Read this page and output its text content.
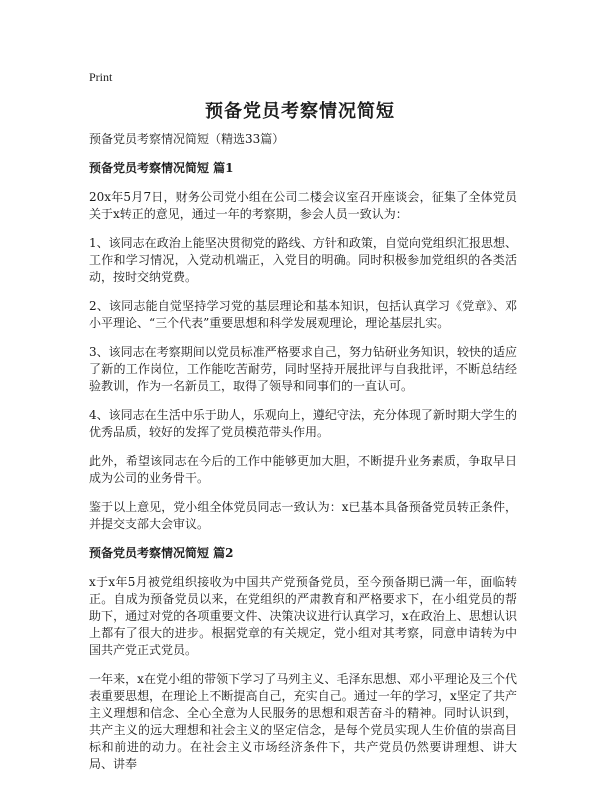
Print
预备党员考察情况简短

预备党员考察情况简短（精选33篇）

预备党员考察情况简短 篇1

20x年5月7日，财务公司党小组在公司二楼会议室召开座谈会，征集了全体党员关于x转正的意见，通过一年的考察期，参会人员一致认为：

1、该同志在政治上能坚决贯彻党的路线、方针和政策，自觉向党组织汇报思想、工作和学习情况，入党动机端正，入党目的明确。同时积极参加党组织的各类活动，按时交纳党费。

2、该同志能自觉坚持学习党的基层理论和基本知识，包括认真学习《党章》、邓小平理论、“三个代表”重要思想和科学发展观理论，理论基层扎实。

3、该同志在考察期间以党员标准严格要求自己，努力钻研业务知识，较快的适应了新的工作岗位，工作能吃苦耐劳，同时坚持开展批评与自我批评，不断总结经验教训，作为一名新员工，取得了领导和同事们的一直认可。

4、该同志在生活中乐于助人，乐观向上，遵纪守法，充分体现了新时期大学生的优秀品质，较好的发挥了党员模范带头作用。

此外，希望该同志在今后的工作中能够更加大胆，不断提升业务素质，争取早日成为公司的业务骨干。

鉴于以上意见，党小组全体党员同志一致认为：x已基本具备预备党员转正条件，并提交支部大会审议。

预备党员考察情况简短 篇2

x于x年5月被党组织接收为中国共产党预备党员，至今预备期已满一年，面临转正。自成为预备党员以来，在党组织的严肃教育和严格要求下，在小组党员的帮助下，通过对党的各项重要文件、决策决议进行认真学习，x在政治上、思想认识上都有了很大的进步。根据党章的有关规定，党小组对其考察，同意申请转为中国共产党正式党员。

一年来，x在党小组的带领下学习了马列主义、毛泽东思想、邓小平理论及三个代表重要思想，在理论上不断提高自己，充实自己。通过一年的学习，x坚定了共产主义理想和信念、全心全意为人民服务的思想和艰苦奋斗的精神。同时认识到，共产主义的远大理想和社会主义的坚定信念，是每个党员实现人生价值的崇高目标和前进的动力。在社会主义市场经济条件下，共产党员仍然要讲理想、讲大局、讲奉
